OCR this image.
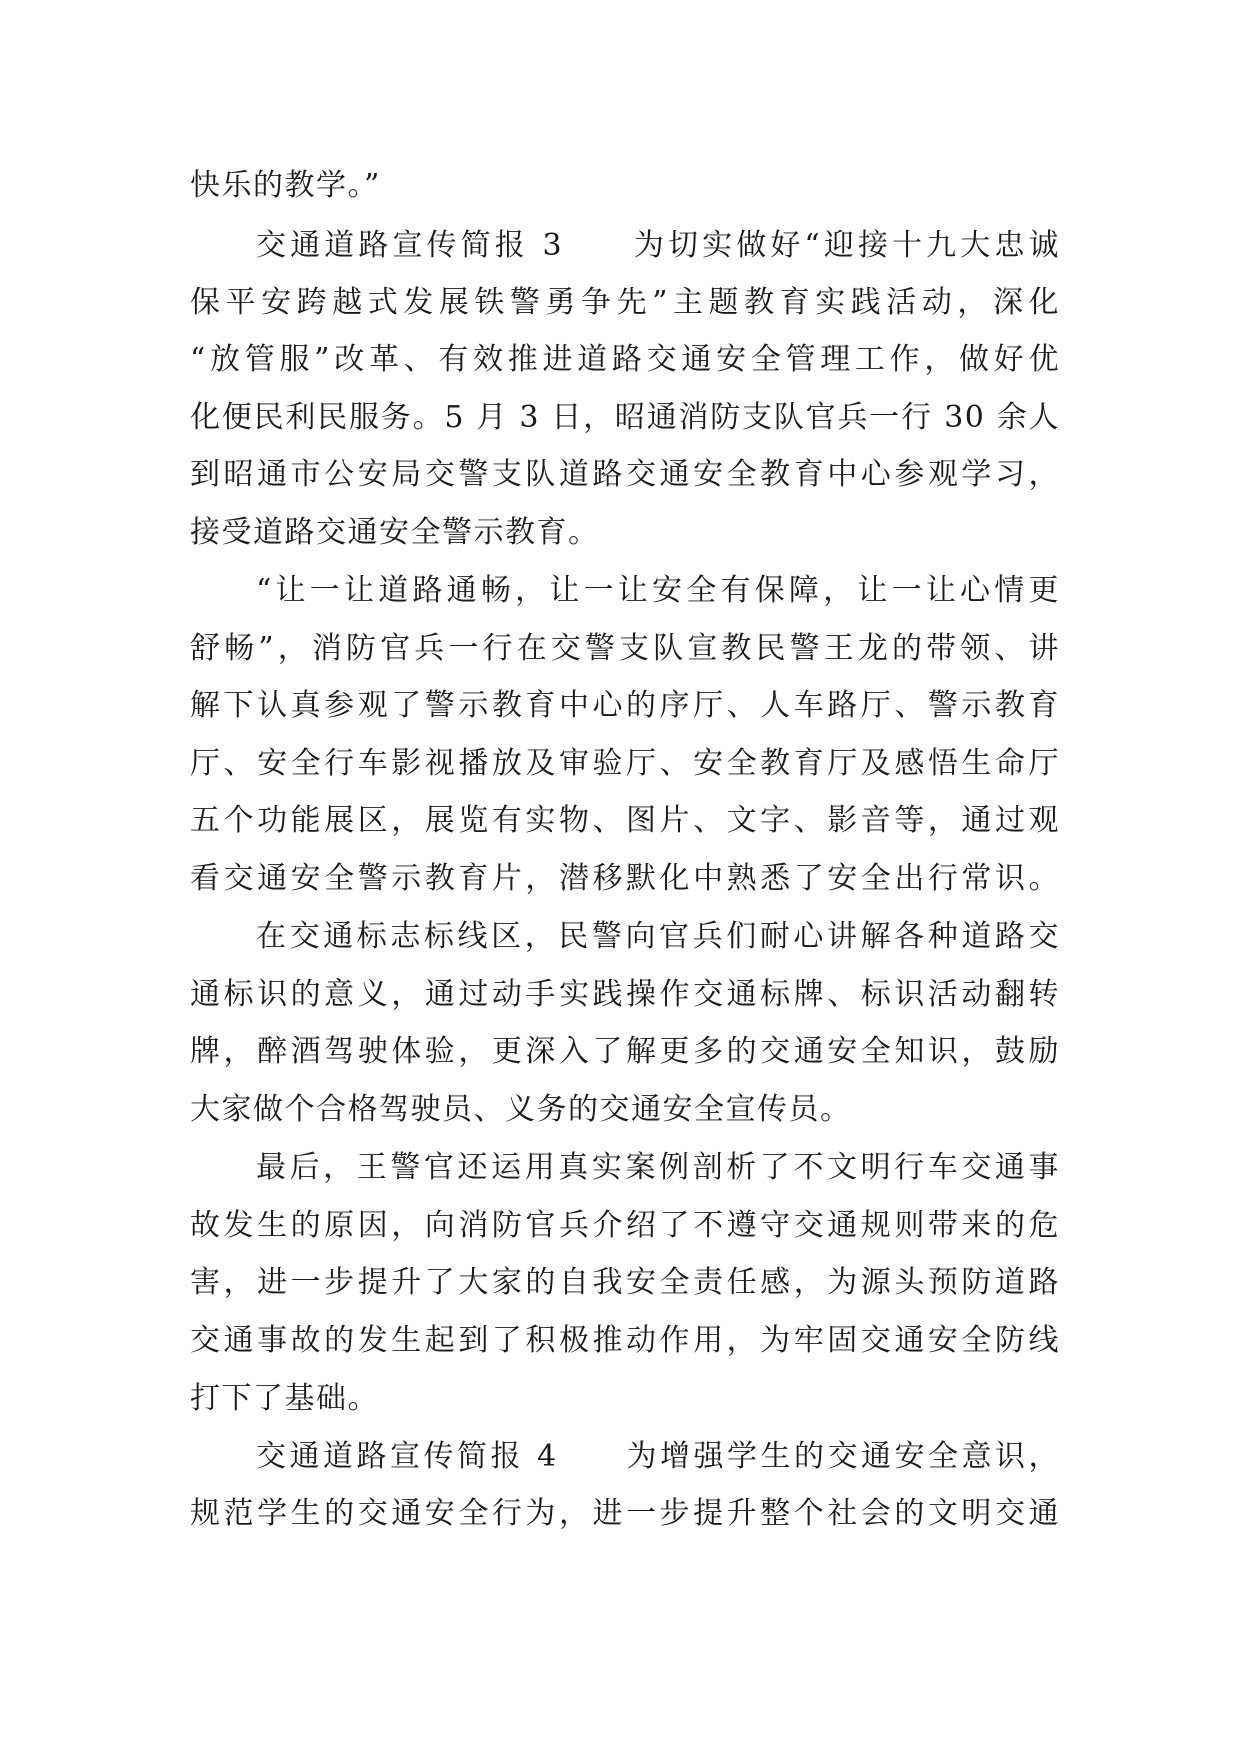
快乐的教学。”

交通道路宣传简报 3　　为切实做好“迎接十九大忠诚

保平安跨越式发展铁警勇争先”主题教育实践活动，深化

“放管服”改革、有效推进道路交通安全管理工作，做好优

化便民利民服务。5 月 3 日，昭通消防支队官兵一行 30 余人

到昭通市公安局交警支队道路交通安全教育中心参观学习，

接受道路交通安全警示教育。

“让一让道路通畅，让一让安全有保障，让一让心情更

舒畅”，消防官兵一行在交警支队宣教民警王龙的带领、讲

解下认真参观了警示教育中心的序厅、人车路厅、警示教育

厅、安全行车影视播放及审验厅、安全教育厅及感悟生命厅

五个功能展区，展览有实物、图片、文字、影音等，通过观

看交通安全警示教育片，潜移默化中熟悉了安全出行常识。

在交通标志标线区，民警向官兵们耐心讲解各种道路交

通标识的意义，通过动手实践操作交通标牌、标识活动翻转

牌，醉酒驾驶体验，更深入了解更多的交通安全知识，鼓励

大家做个合格驾驶员、义务的交通安全宣传员。

最后，王警官还运用真实案例剖析了不文明行车交通事

故发生的原因，向消防官兵介绍了不遵守交通规则带来的危

害，进一步提升了大家的自我安全责任感，为源头预防道路

交通事故的发生起到了积极推动作用，为牢固交通安全防线

打下了基础。

交通道路宣传简报 4　　为增强学生的交通安全意识，

规范学生的交通安全行为，进一步提升整个社会的文明交通
